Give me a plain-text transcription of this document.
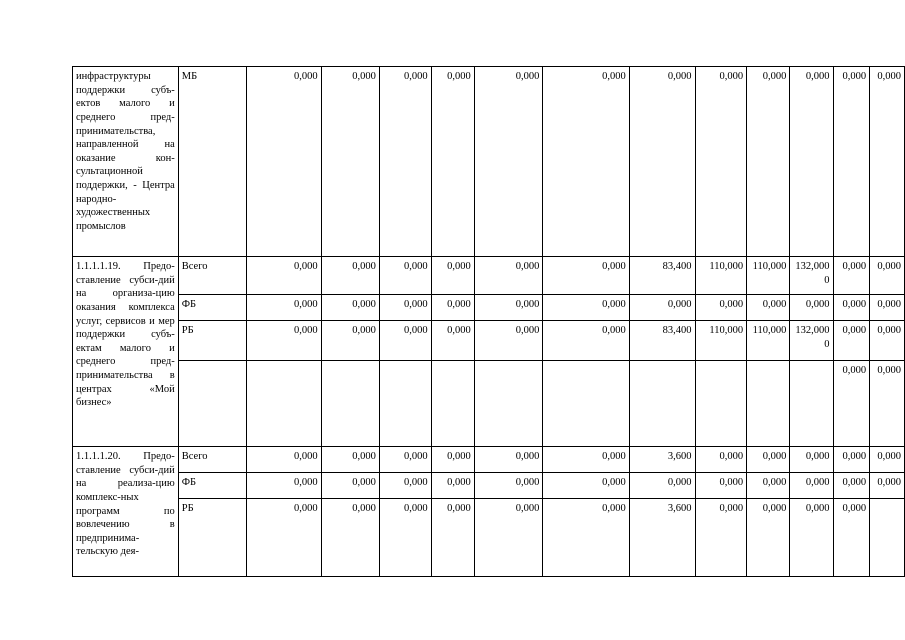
инфраструктуры поддержки субъ-ектов малого и среднего пред-принимательства, направленной на оказание кон-сультационной поддержки, - Центра народно-художественных промыслов	МБ	0,000	0,000	0,000	0,000	0,000	0,000	0,000	0,000	0,000	0,000	0,000	0,000
1.1.1.1.19. Предо-ставление субси-дий на организа-цию оказания комплекса услуг, сервисов и мер поддержки субъ-ектам малого и среднего пред-принимательства в центрах «Мой бизнес»	Всего	0,000	0,000	0,000	0,000	0,000	0,000	83,400	110,000	110,000	132,0000	0,000	0,000
	ФБ	0,000	0,000	0,000	0,000	0,000	0,000	0,000	0,000	0,000	0,000	0,000	0,000
	РБ	0,000	0,000	0,000	0,000	0,000	0,000	83,400	110,000	110,000	132,0000	0,000	0,000
												0,000	0,000
1.1.1.1.20. Предо-ставление субси-дий на реализа-цию комплекс-ных программ по вовлечению в предпринима-тельскую дея-	Всего	0,000	0,000	0,000	0,000	0,000	0,000	3,600	0,000	0,000	0,000	0,000	0,000
	ФБ	0,000	0,000	0,000	0,000	0,000	0,000	0,000	0,000	0,000	0,000	0,000	0,000
	РБ	0,000	0,000	0,000	0,000	0,000	0,000	3,600	0,000	0,000	0,000	0,000	
